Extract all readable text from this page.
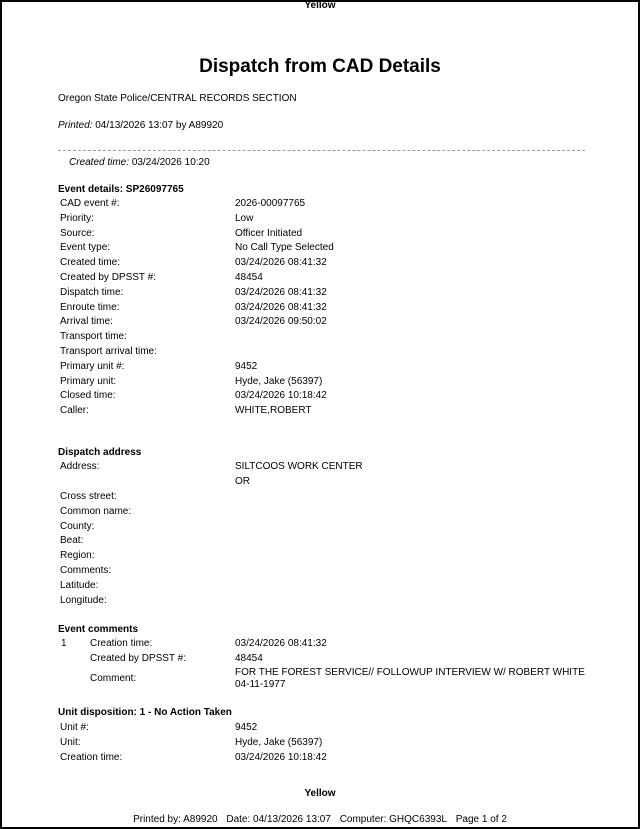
Yellow
Dispatch from CAD Details
Oregon State Police/CENTRAL RECORDS SECTION
Printed: 04/13/2026 13:07 by A89920
Created time: 03/24/2026 10:20
Event details: SP26097765
CAD event #:	2026-00097765
Priority:	Low
Source:	Officer Initiated
Event type:	No Call Type Selected
Created time:	03/24/2026 08:41:32
Created by DPSST #:	48454
Dispatch time:	03/24/2026 08:41:32
Enroute time:	03/24/2026 08:41:32
Arrival time:	03/24/2026 09:50:02
Transport time:
Transport arrival time:
Primary unit #:	9452
Primary unit:	Hyde, Jake (56397)
Closed time:	03/24/2026 10:18:42
Caller:	WHITE,ROBERT
Dispatch address
Address:	SILTCOOS WORK CENTER
OR
Cross street:
Common name:
County:
Beat:
Region:
Comments:
Latitude:
Longitude:
Event comments
1 Creation time:	03/24/2026 08:41:32
Created by DPSST #:	48454
Comment:
FOR THE FOREST SERVICE// FOLLOWUP INTERVIEW W/ ROBERT WHITE 04-11-1977
Unit disposition: 1 - No Action Taken
Unit #:	9452
Unit:	Hyde, Jake (56397)
Creation time:	03/24/2026 10:18:42
Yellow
Printed by: A89920 Date: 04/13/2026 13:07 Computer: GHQC6393L Page 1 of 2
